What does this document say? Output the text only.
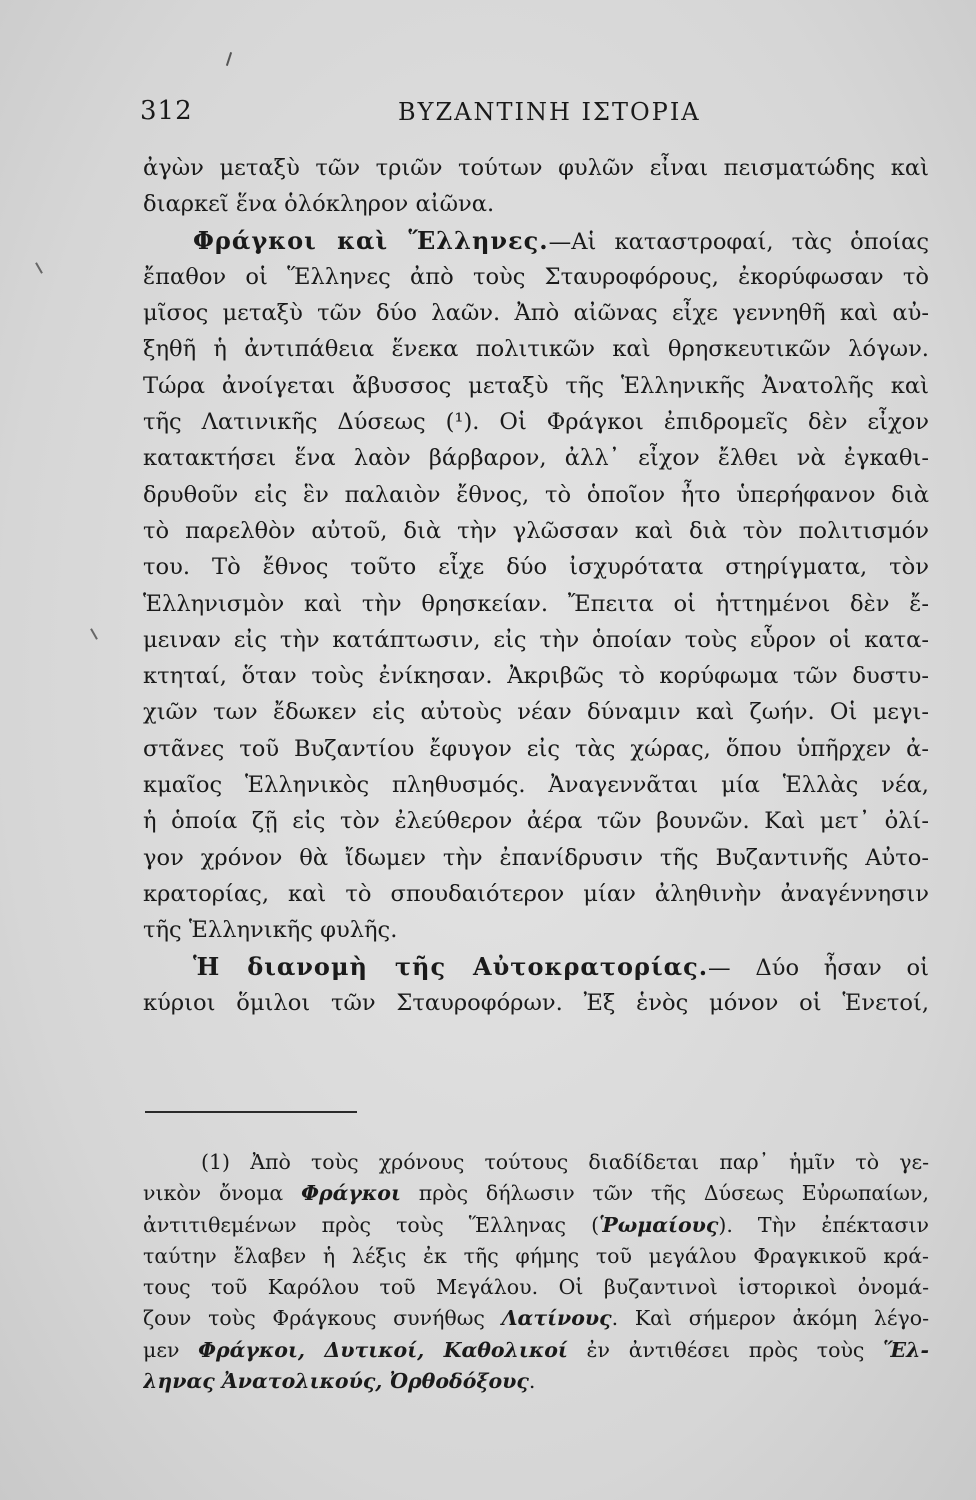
312	ΒΥΖΑΝΤΙΝΗ ΙΣΤΟΡΙΑ
ἀγὼν μεταξὺ τῶν τριῶν τούτων φυλῶν εἶναι πεισματώδης καὶ
διαρκεῖ ἕνα ὁλόκληρον αἰῶνα.
Φράγκοι καὶ Ἕλληνες.—Αἱ καταστροφαί, τὰς ὁποίας
ἔπαθον οἱ Ἕλληνες ἀπὸ τοὺς Σταυροφόρους, ἐκορύφωσαν τὸ
μῖσος μεταξὺ τῶν δύο λαῶν. Ἀπὸ αἰῶνας εἶχε γεννηθῆ καὶ αὐ-
ξηθῆ ἡ ἀντιπάθεια ἕνεκα πολιτικῶν καὶ θρησκευτικῶν λόγων.
Τώρα ἀνοίγεται ἄβυσσος μεταξὺ τῆς Ἑλληνικῆς Ἀνατολῆς καὶ
τῆς Λατινικῆς Δύσεως (¹). Οἱ Φράγκοι ἐπιδρομεῖς δὲν εἶχον
κατακτήσει ἕνα λαὸν βάρβαρον, ἀλλ᾽ εἶχον ἔλθει νὰ ἐγκαθι-
δρυθοῦν εἰς ἓν παλαιὸν ἔθνος, τὸ ὁποῖον ἦτο ὑπερήφανον διὰ
τὸ παρελθὸν αὐτοῦ, διὰ τὴν γλῶσσαν καὶ διὰ τὸν πολιτισμόν
του. Τὸ ἔθνος τοῦτο εἶχε δύο ἰσχυρότατα στηρίγματα, τὸν
Ἑλληνισμὸν καὶ τὴν θρησκείαν. Ἔπειτα οἱ ἡττημένοι δὲν ἔ-
μειναν εἰς τὴν κατάπτωσιν, εἰς τὴν ὁποίαν τοὺς εὗρον οἱ κατα-
κτηταί, ὅταν τοὺς ἐνίκησαν. Ἀκριβῶς τὸ κορύφωμα τῶν δυστυ-
χιῶν των ἔδωκεν εἰς αὐτοὺς νέαν δύναμιν καὶ ζωήν. Οἱ μεγι-
στᾶνες τοῦ Βυζαντίου ἔφυγον εἰς τὰς χώρας, ὅπου ὑπῆρχεν ἀ-
κμαῖος Ἑλληνικὸς πληθυσμός. Ἀναγεννᾶται μία Ἑλλὰς νέα,
ἡ ὁποία ζῇ εἰς τὸν ἐλεύθερον ἀέρα τῶν βουνῶν. Καὶ μετ᾽ ὀλί-
γον χρόνον θὰ ἴδωμεν τὴν ἐπανίδρυσιν τῆς Βυζαντινῆς Αὐτο-
κρατορίας, καὶ τὸ σπουδαιότερον μίαν ἀληθινὴν ἀναγέννησιν
τῆς Ἑλληνικῆς φυλῆς.
Ἡ διανομὴ τῆς Αὐτοκρατορίας.— Δύο ἦσαν οἱ
κύριοι ὅμιλοι τῶν Σταυροφόρων. Ἐξ ἑνὸς μόνον οἱ Ἑνετοί,
(1) Ἀπὸ τοὺς χρόνους τούτους διαδίδεται παρ᾽ ἡμῖν τὸ γε-
νικὸν ὄνομα Φράγκοι πρὸς δήλωσιν τῶν τῆς Δύσεως Εὐρωπαίων,
ἀντιτιθεμένων πρὸς τοὺς Ἕλληνας (Ῥωμαίους). Τὴν ἐπέκτασιν
ταύτην ἔλαβεν ἡ λέξις ἐκ τῆς φήμης τοῦ μεγάλου Φραγκικοῦ κρά-
τους τοῦ Καρόλου τοῦ Μεγάλου. Οἱ βυζαντινοὶ ἱστορικοὶ ὀνομά-
ζουν τοὺς Φράγκους συνήθως Λατίνους. Καὶ σήμερον ἀκόμη λέγο-
μεν Φράγκοι, Δυτικοί, Καθολικοί ἐν ἀντιθέσει πρὸς τοὺς Ἕλ-
ληνας Ἀνατολικούς, Ὀρθοδόξους.
